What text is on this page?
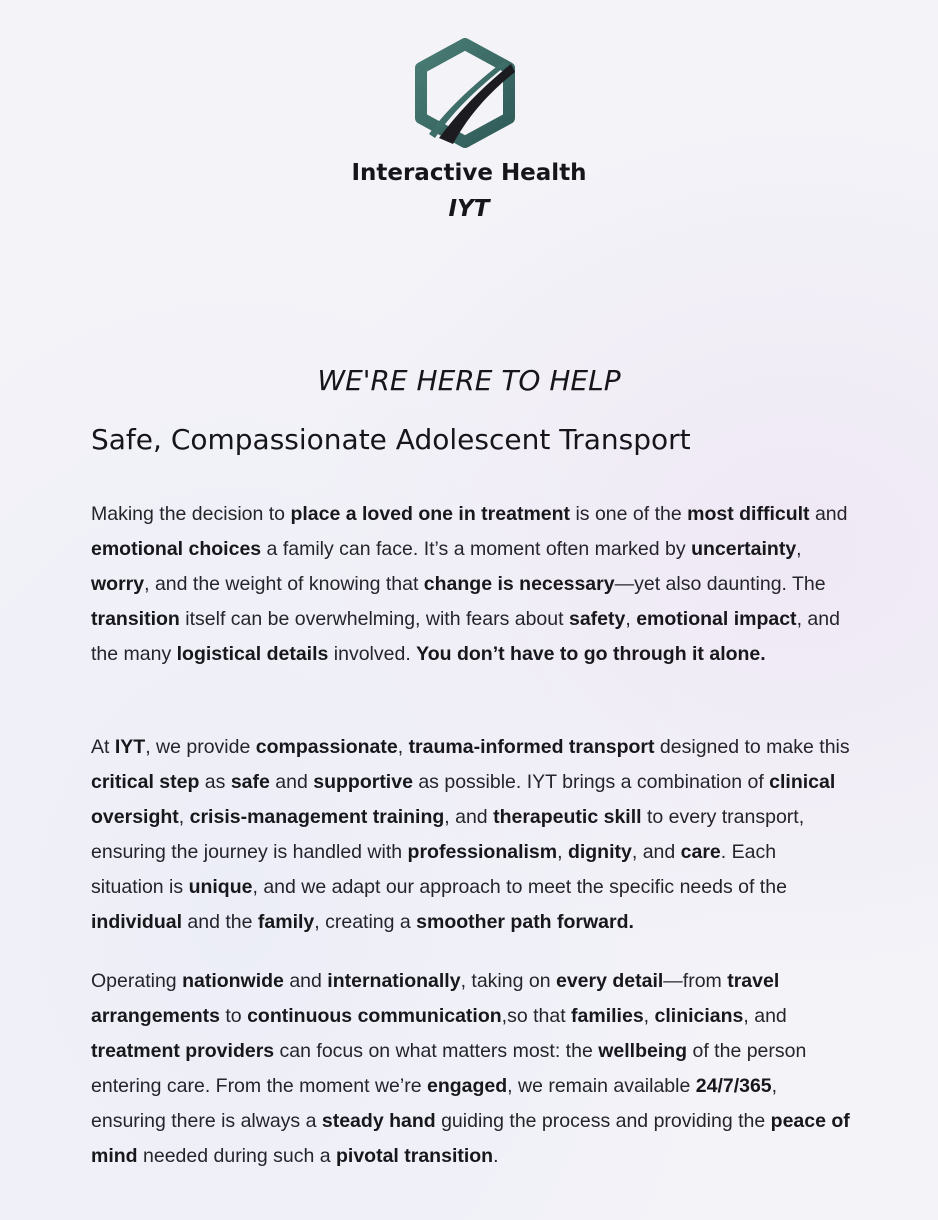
Interactive Health
IYT
WE'RE HERE TO HELP
Safe, Compassionate Adolescent Transport

Making the decision to place a loved one in treatment is one of the most difficult and emotional choices a family can face. It’s a moment often marked by uncertainty, worry, and the weight of knowing that change is necessary—yet also daunting. The transition itself can be overwhelming, with fears about safety, emotional impact, and the many logistical details involved. You don’t have to go through it alone.

At IYT, we provide compassionate, trauma-informed transport designed to make this critical step as safe and supportive as possible. IYT brings a combination of clinical oversight, crisis-management training, and therapeutic skill to every transport, ensuring the journey is handled with professionalism, dignity, and care. Each situation is unique, and we adapt our approach to meet the specific needs of the individual and the family, creating a smoother path forward.

Operating nationwide and internationally, taking on every detail—from travel arrangements to continuous communication,so that families, clinicians, and treatment providers can focus on what matters most: the wellbeing of the person entering care. From the moment we’re engaged, we remain available 24/7/365, ensuring there is always a steady hand guiding the process and providing the peace of mind needed during such a pivotal transition.
